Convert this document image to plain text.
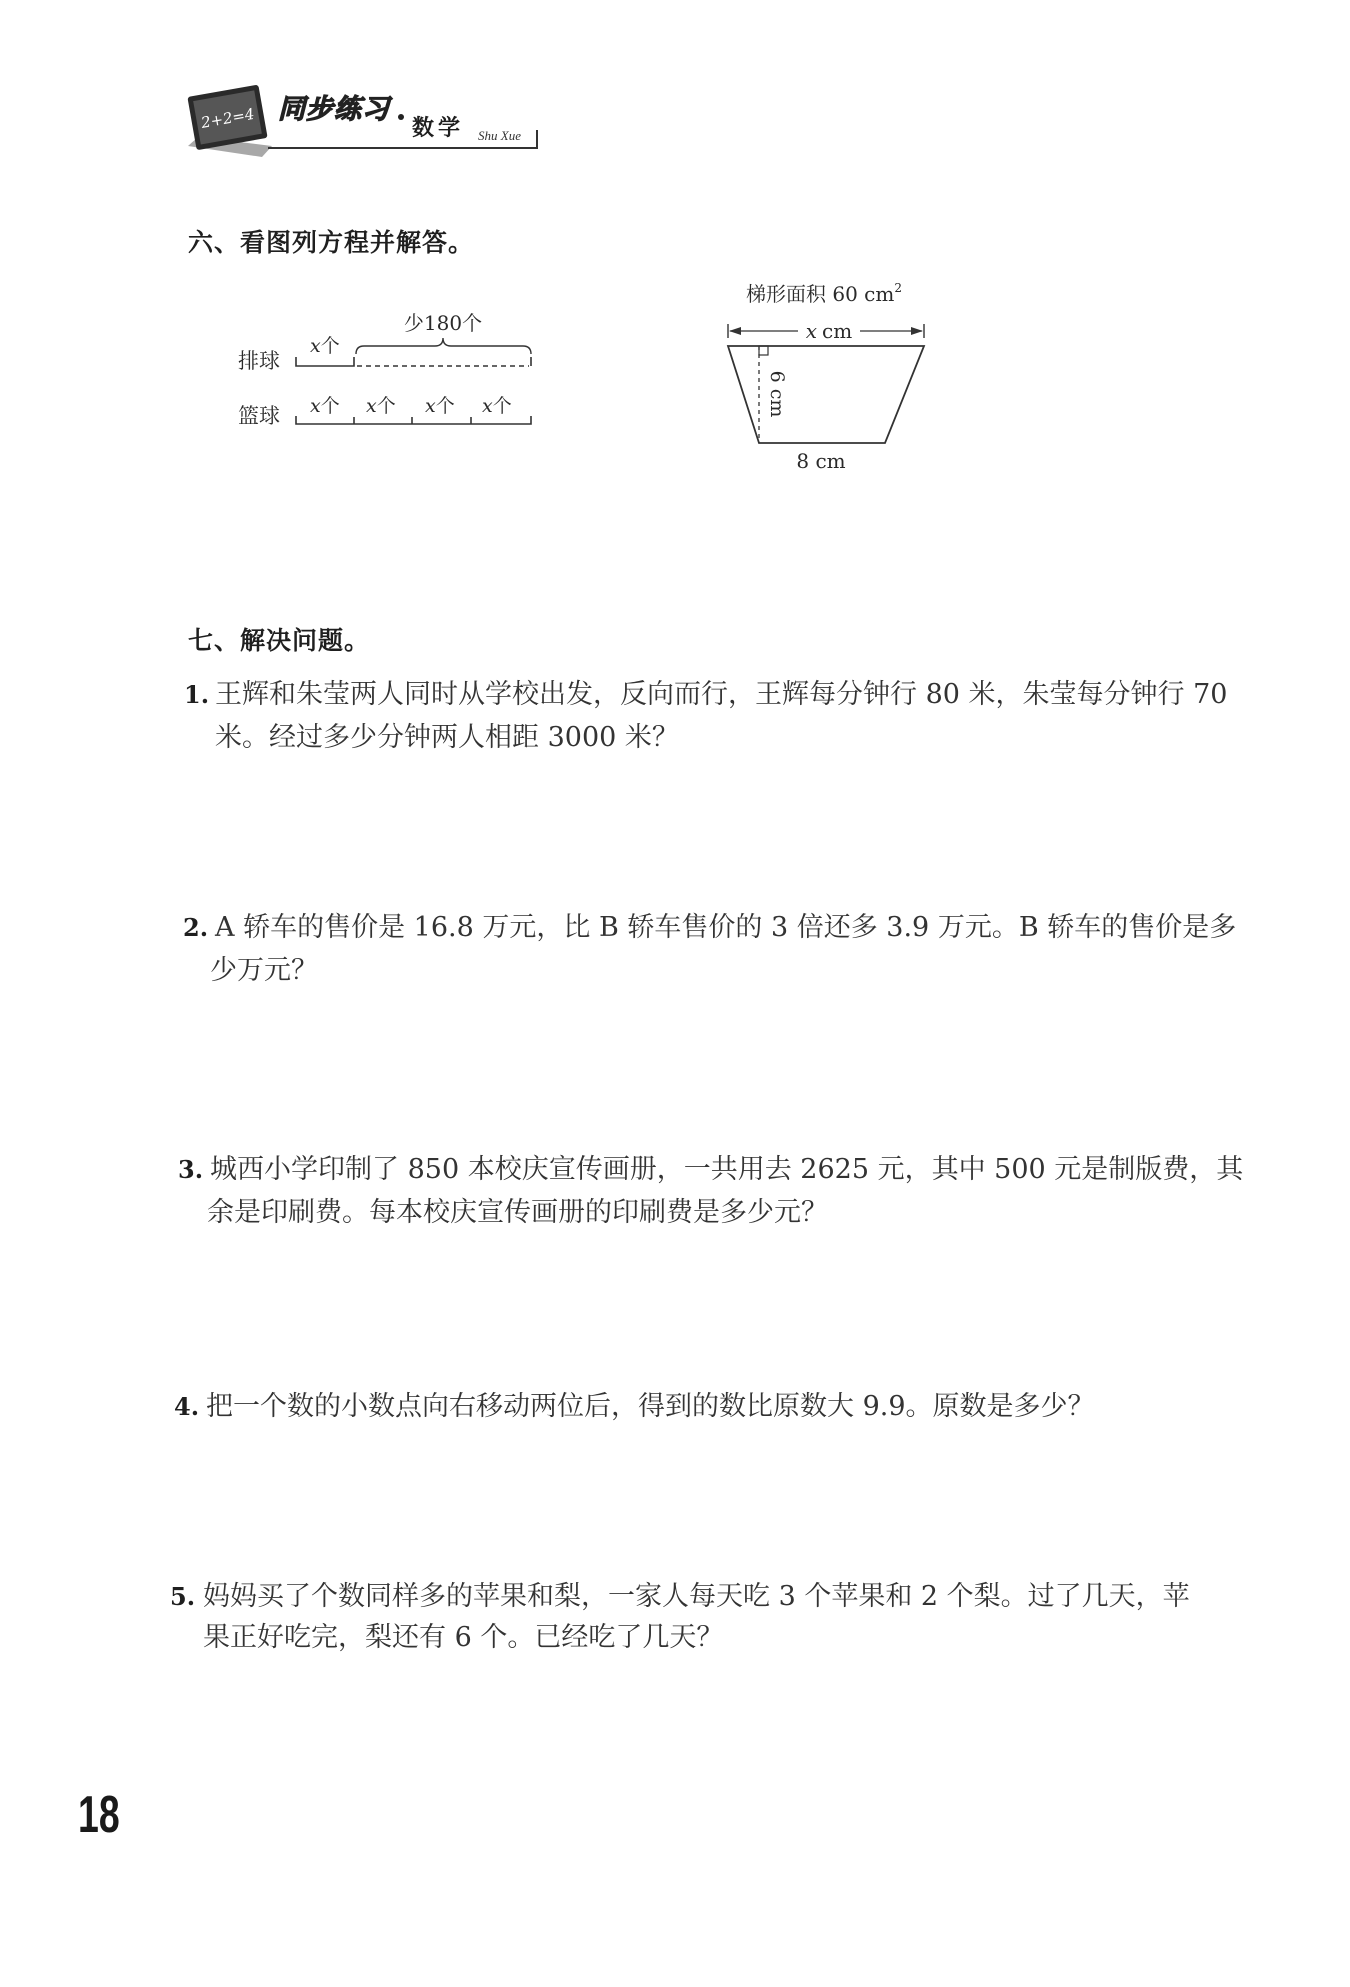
2+2=4 同步练习
数学 Shu Xue
六、看图列方程并解答。
排球
x个
少180个
篮球 x个 x个 x个 x个
梯形面积 60 $cm^2$
x cm
6 cm
8 cm
七、解决问题。
1. 王辉和朱莹两人同时从学校出发，反向而行，王辉每分钟行 80 米，朱莹每分钟行 70
米。经过多少分钟两人相距 3000 米？
2. A 轿车的售价是 16.8 万元，比 B 轿车售价的 3 倍还多 3.9 万元。B 轿车的售价是多
少万元？
3. 城西小学印制了 850 本校庆宣传画册，一共用去 2625 元，其中 500 元是制版费，其
余是印刷费。每本校庆宣传画册的印刷费是多少元？
4. 把一个数的小数点向右移动两位后，得到的数比原数大 9.9。原数是多少？
5. 妈妈买了个数同样多的苹果和梨，一家人每天吃 3 个苹果和 2 个梨。过了几天，苹
果正好吃完，梨还有 6 个。已经吃了几天？
18
